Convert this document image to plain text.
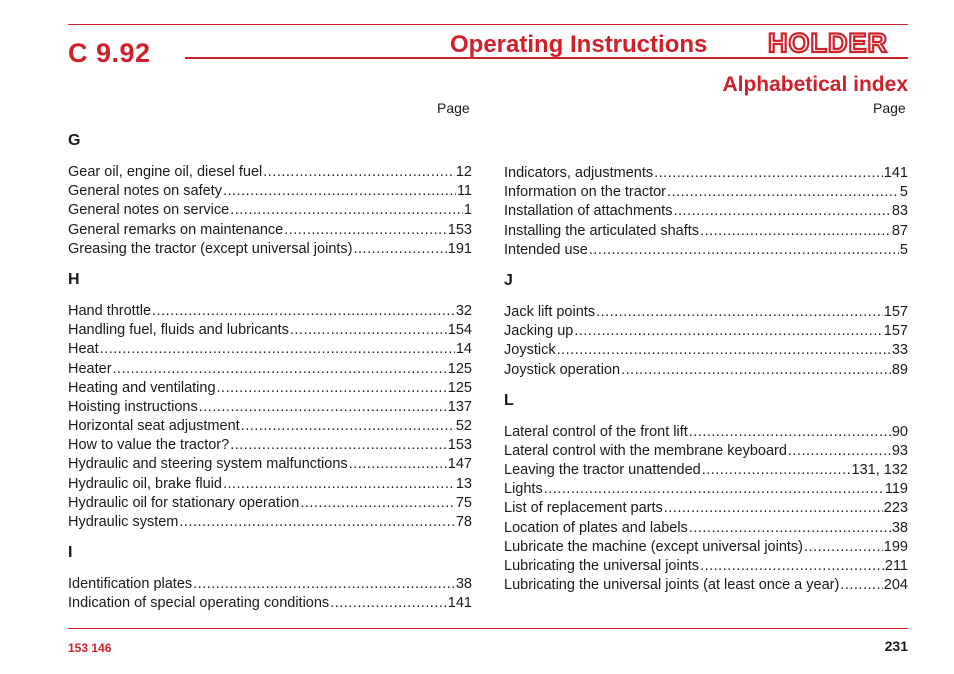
C 9.92	Operating Instructions HOLDER
Alphabetical index
Page	Page
G
Gear oil, engine oil, diesel fuel .....	12
General notes on safety .....	11
General notes on service .....	1
General remarks on maintenance .....	153
Greasing the tractor (except universal joints) .....	191
H
Hand throttle .....	32
Handling fuel, fluids and lubricants .....	154
Heat .....	14
Heater .....	125
Heating and ventilating .....	125
Hoisting instructions .....	137
Horizontal seat adjustment .....	52
How to value the tractor? .....	153
Hydraulic and steering system malfunctions .....	147
Hydraulic oil, brake fluid .....	13
Hydraulic oil for stationary operation .....	75
Hydraulic system .....	78
I
Identification plates .....	38
Indication of special operating conditions .....	141
Indicators, adjustments .....	141
Information on the tractor .....	5
Installation of attachments .....	83
Installing the articulated shafts .....	87
Intended use .....	5
J
Jack lift points .....	157
Jacking up .....	157
Joystick .....	33
Joystick operation .....	89
L
Lateral control of the front lift .....	90
Lateral control with the membrane keyboard .....	93
Leaving the tractor unattended .....	131, 132
Lights .....	119
List of replacement parts .....	223
Location of plates and labels .....	38
Lubricate the machine (except universal joints) .....	199
Lubricating the universal joints .....	211
Lubricating the universal joints (at least once a year) .....	204
153 146	231
